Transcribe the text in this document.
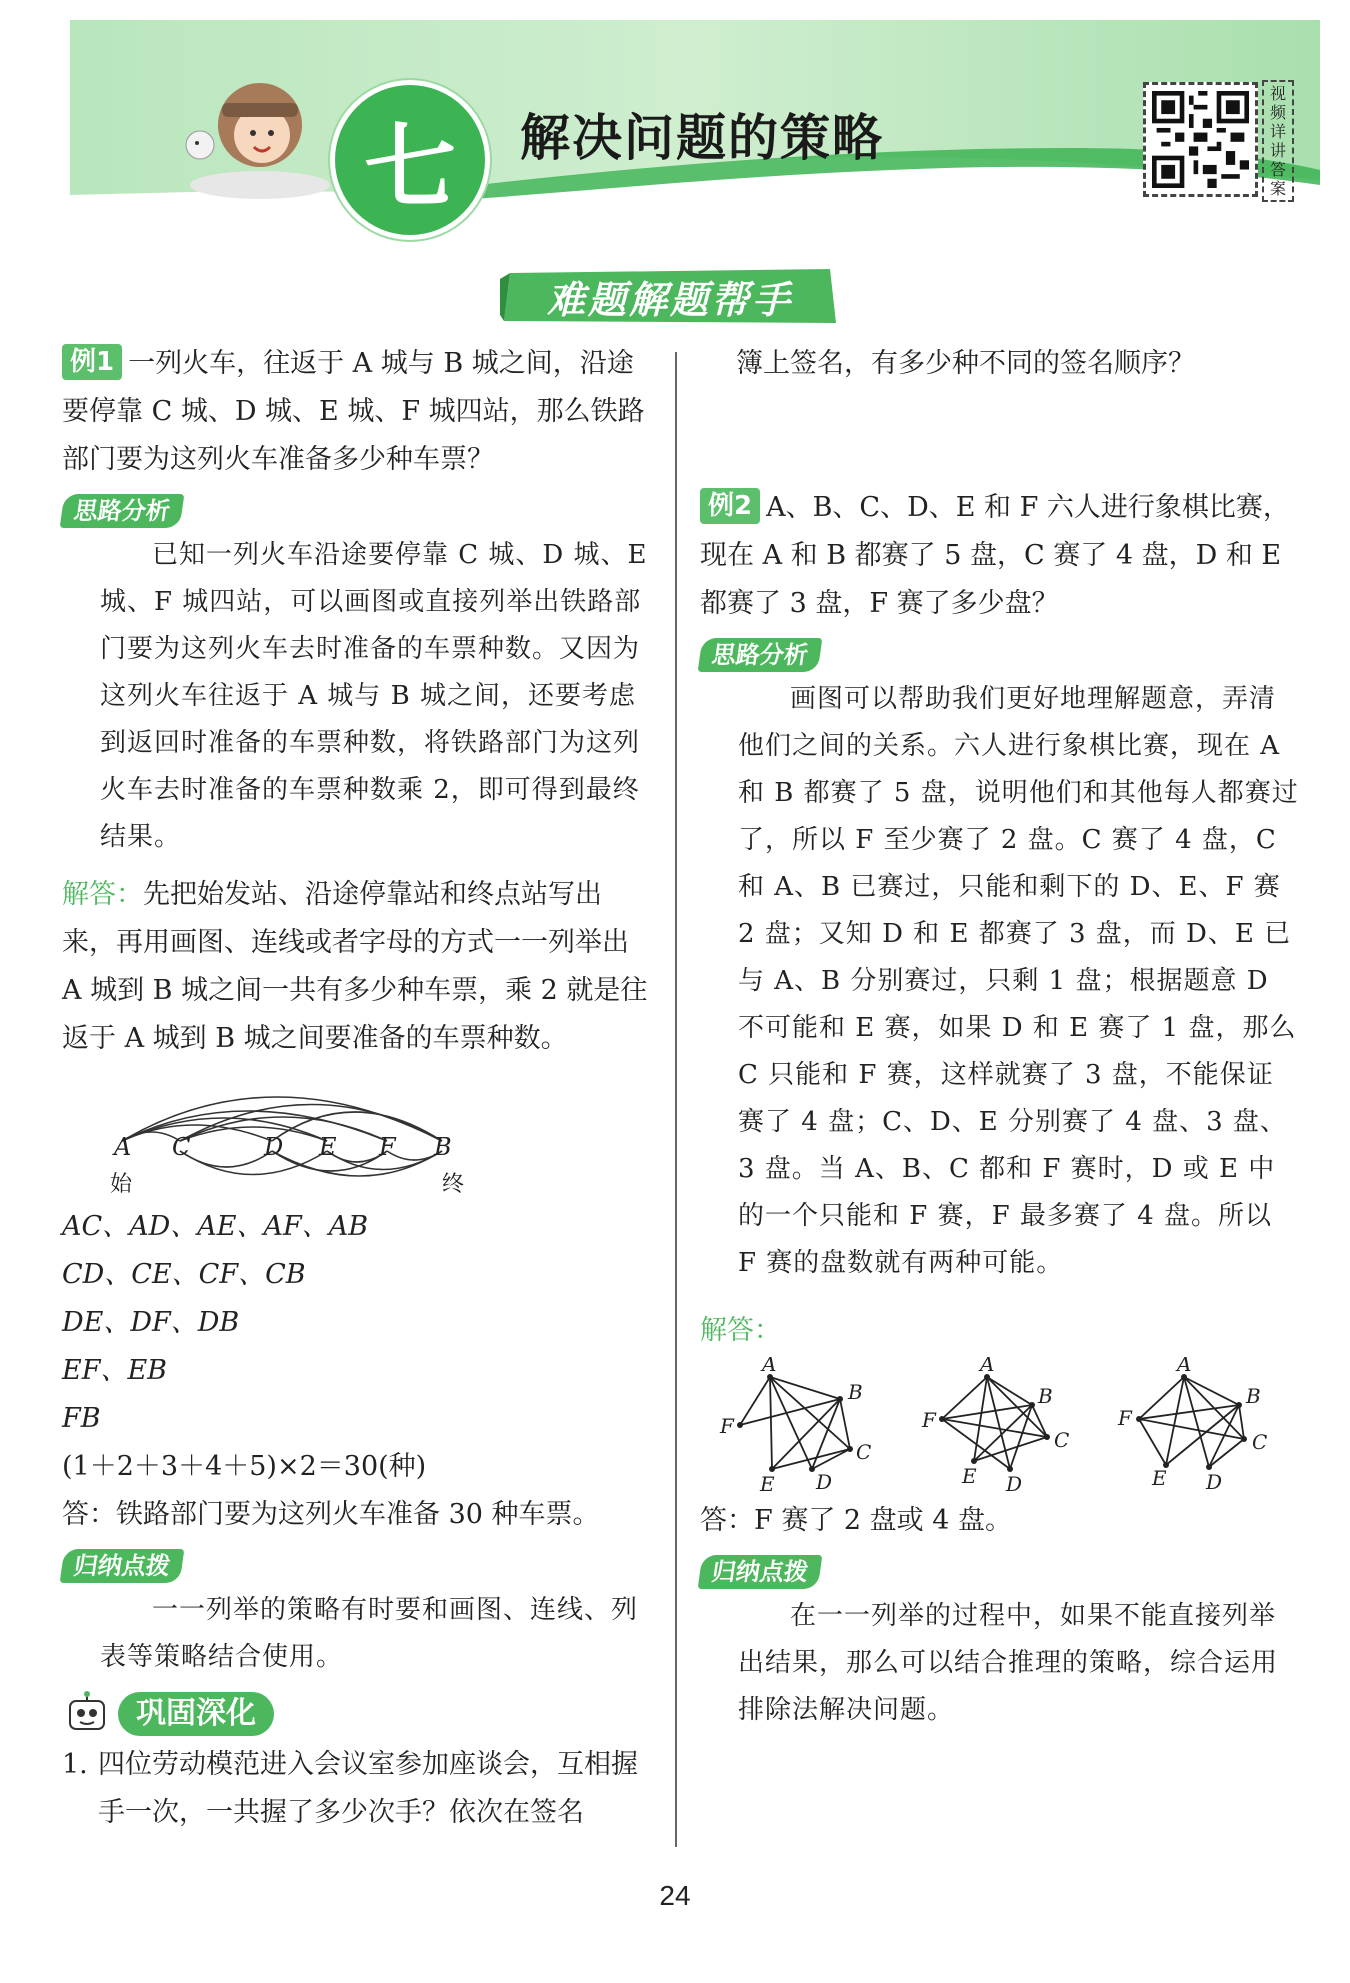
七 解决问题的策略
视频详讲答案
难题解题帮手

例1 一列火车，往返于 A 城与 B 城之间，沿途要停靠 C 城、D 城、E 城、F 城四站，那么铁路部门要为这列火车准备多少种车票？

思路分析

已知一列火车沿途要停靠 C 城、D 城、E 城、F 城四站，可以画图或直接列举出铁路部门要为这列火车去时准备的车票种数。又因为这列火车往返于 A 城与 B 城之间，还要考虑到返回时准备的车票种数，将铁路部门为这列火车去时准备的车票种数乘 2，即可得到最终结果。

解答：先把始发站、沿途停靠站和终点站写出来，再用画图、连线或者字母的方式一一列举出 A 城到 B 城之间一共有多少种车票，乘 2 就是往返于 A 城到 B 城之间要准备的车票种数。

A C	D E F B
始	终

AC、AD、AE、AF、AB

CD、CE、CF、CB

DE、DF、DB

EF、EB

FB

(1＋2＋3＋4＋5)×2＝30(种)

答：铁路部门要为这列火车准备 30 种车票。

归纳点拨

一一列举的策略有时要和画图、连线、列表等策略结合使用。

巩固深化
1. 四位劳动模范进入会议室参加座谈会，互相握手一次，一共握了多少次手？依次在签名

簿上签名，有多少种不同的签名顺序？

例2 A、B、C、D、E 和 F 六人进行象棋比赛，现在 A 和 B 都赛了 5 盘，C 赛了 4 盘，D 和 E 都赛了 3 盘，F 赛了多少盘？

思路分析

画图可以帮助我们更好地理解题意，弄清他们之间的关系。六人进行象棋比赛，现在 A 和 B 都赛了 5 盘，说明他们和其他每人都赛过了，所以 F 至少赛了 2 盘。C 赛了 4 盘，C 和 A、B 已赛过，只能和剩下的 D、E、F 赛 2 盘；又知 D 和 E 都赛了 3 盘，而 D、E 已与 A、B 分别赛过，只剩 1 盘；根据题意 D 不可能和 E 赛，如果 D 和 E 赛了 1 盘，那么 C 只能和 F 赛，这样就赛了 3 盘，不能保证赛了 4 盘；C、D、E 分别赛了 4 盘、3 盘、3 盘。当 A、B、C 都和 F 赛时，D 或 E 中的一个只能和 F 赛，F 最多赛了 4 盘。所以 F 赛的盘数就有两种可能。

解答：

A
B
C
D
E
F
A
B
C
D
E
F
A
B
C
D
E
F

答：F 赛了 2 盘或 4 盘。

归纳点拨

在一一列举的过程中，如果不能直接列举出结果，那么可以结合推理的策略，综合运用排除法解决问题。

24
